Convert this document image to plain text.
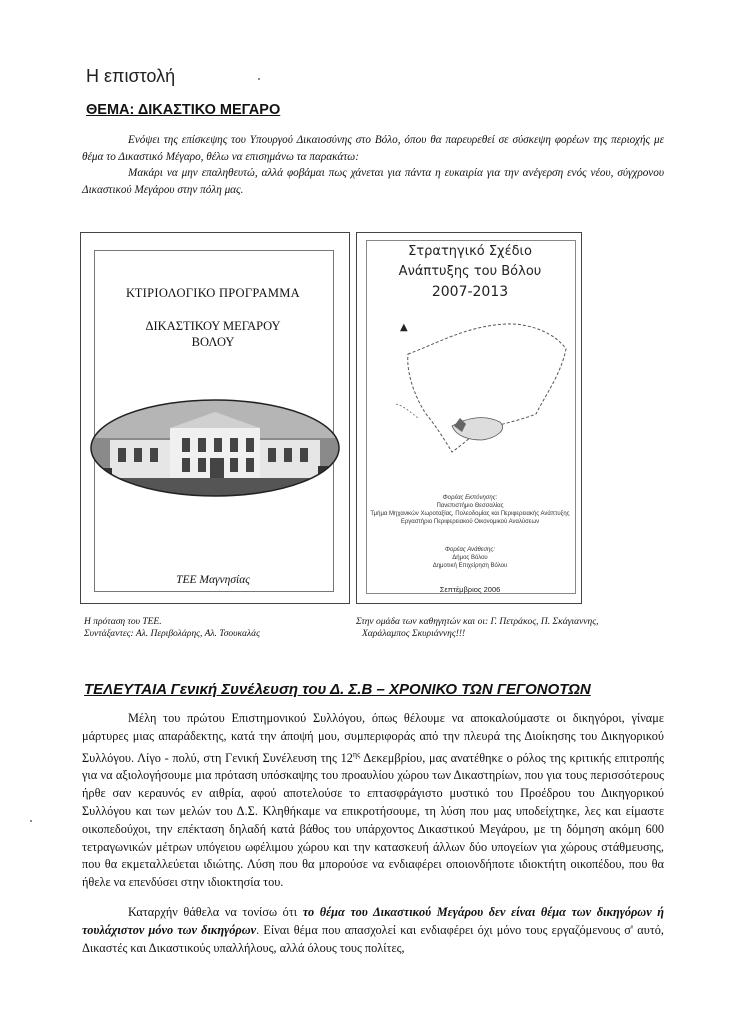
Η επιστολή
ΘΕΜΑ: ΔΙΚΑΣΤΙΚΟ ΜΕΓΑΡΟ

Ενόψει της επίσκεψης του Υπουργού Δικαιοσύνης στο Βόλο, όπου θα παρευρεθεί σε σύσκεψη φορέων της περιοχής με θέμα το Δικαστικό Μέγαρο, θέλω να επισημάνω τα παρακάτω:

Μακάρι να μην επαληθευτώ, αλλά φοβάμαι πως χάνεται για πάντα η ευκαιρία για την ανέγερση ενός νέου, σύγχρονου Δικαστικού Μεγάρου στην πόλη μας.

ΚΤΙΡΙΟΛΟΓΙΚΟ ΠΡΟΓΡΑΜΜΑ
ΔΙΚΑΣΤΙΚΟΥ ΜΕΓΑΡΟΥ
ΒΟΛΟΥ
ΤΕΕ Μαγνησίας
Στρατηγικό Σχέδιο
Ανάπτυξης του Βόλου
2007-2013
▲
Φορέας Εκπόνησης:
Πανεπιστήμιο Θεσσαλίας
Τμήμα Μηχανικών Χωροταξίας, Πολεοδομίας και Περιφερειακής Ανάπτυξης
Εργαστήριο Περιφερειακού Οικονομικού Αναλύσεων
Φορέας Ανάθεσης:
Δήμος Βόλου
Δημοτική Επιχείρηση Βόλου
Σεπτέμβριος 2006
Η πρόταση του ΤΕΕ.
Συντάξαντες: Αλ. Περιβολάρης, Αλ. Τσουκαλάς
Στην ομάδα των καθηγητών και οι: Γ. Πετράκος, Π. Σκάγιαννης,
Χαράλαμπος Σκυριάννης!!!
ΤΕΛΕΥΤΑΙΑ Γενική Συνέλευση του Δ. Σ.Β – ΧΡΟΝΙΚΟ ΤΩΝ ΓΕΓΟΝΟΤΩΝ

Μέλη του πρώτου Επιστημονικού Συλλόγου, όπως θέλουμε να αποκαλούμαστε οι δικηγόροι, γίναμε μάρτυρες μιας απαράδεκτης, κατά την άποψή μου, συμπεριφοράς από την πλευρά της Διοίκησης του Δικηγορικού Συλλόγου. Λίγο - πολύ, στη Γενική Συνέλευση της $12^{\eta\varsigma}$ Δεκεμβρίου, μας ανατέθηκε ο ρόλος της κριτικής επιτροπής για να αξιολογήσουμε μια πρόταση υπόσκαψης του προαυλίου χώρου των Δικαστηρίων, που για τους περισσότερους ήρθε σαν κεραυνός εν αιθρία, αφού αποτελούσε το επτασφράγιστο μυστικό του Προέδρου του Δικηγορικού Συλλόγου και των μελών του Δ.Σ. Κληθήκαμε να επικροτήσουμε, τη λύση που μας υποδείχτηκε, λες και είμαστε οικοπεδούχοι, την επέκταση δηλαδή κατά βάθος του υπάρχοντος Δικαστικού Μεγάρου, με τη δόμηση ακόμη 600 τετραγωνικών μέτρων υπόγειου ωφέλιμου χώρου και την κατασκευή άλλων δύο υπογείων για χώρους στάθμευσης, που θα εκμεταλλεύεται ιδιώτης. Λύση που θα μπορούσε να ενδιαφέρει οποιονδήποτε ιδιοκτήτη οικοπέδου, που θα ήθελε να επενδύσει στην ιδιοκτησία του.

Καταρχήν θάθελα να τονίσω ότι το θέμα του Δικαστικού Μεγάρου δεν είναι θέμα των δικηγόρων ή τουλάχιστον μόνο των δικηγόρων. Είναι θέμα που απασχολεί και ενδιαφέρει όχι μόνο τους εργαζόμενους σ' αυτό, Δικαστές και Δικαστικούς υπαλλήλους, αλλά όλους τους πολίτες,
